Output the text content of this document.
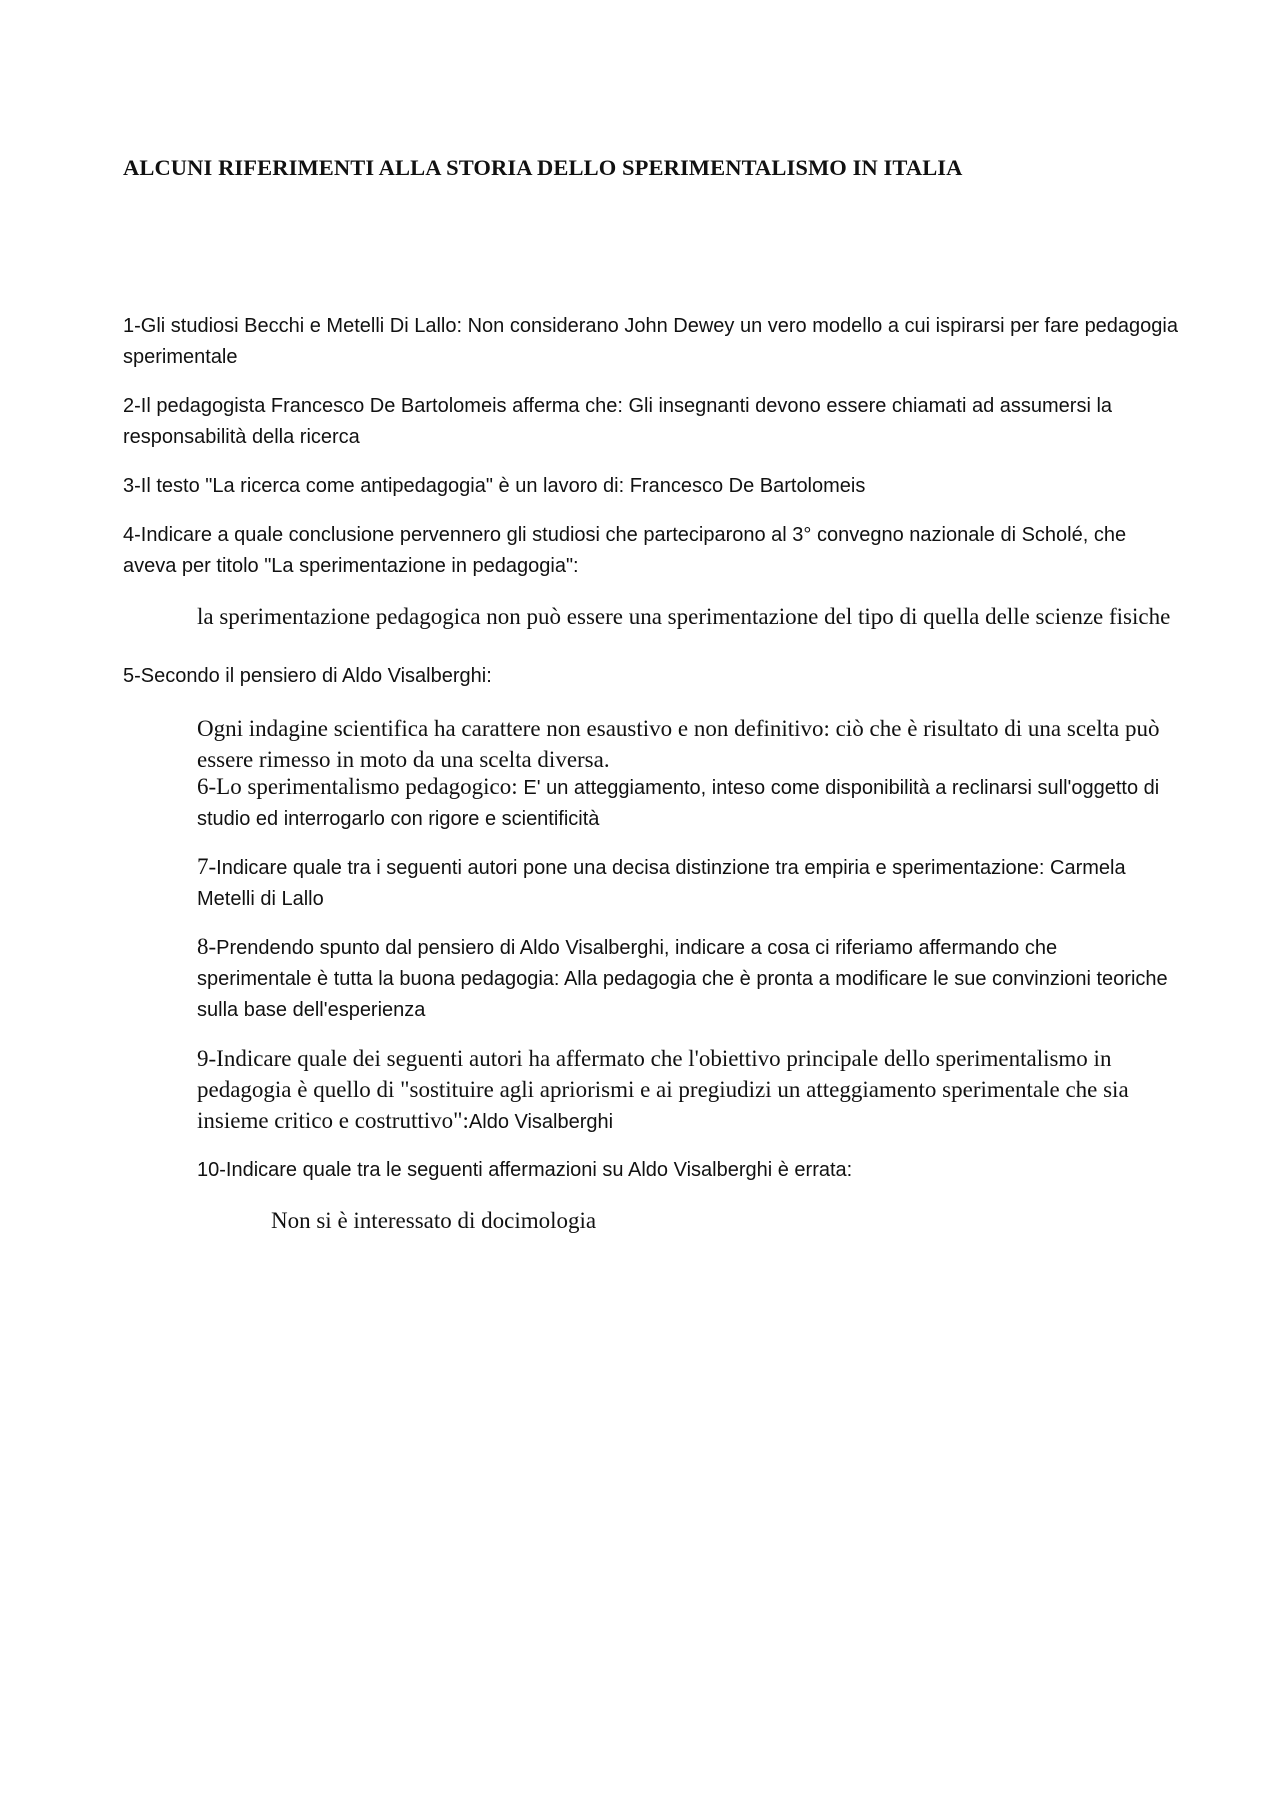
ALCUNI RIFERIMENTI ALLA STORIA DELLO SPERIMENTALISMO IN ITALIA

1-Gli studiosi Becchi e Metelli Di Lallo: Non considerano John Dewey un vero modello a cui ispirarsi per fare pedagogia sperimentale

2-Il pedagogista Francesco De Bartolomeis afferma che: Gli insegnanti devono essere chiamati ad assumersi la responsabilità della ricerca

3-Il testo "La ricerca come antipedagogia" è un lavoro di: Francesco De Bartolomeis

4-Indicare a quale conclusione pervennero gli studiosi che parteciparono al 3° convegno nazionale di Scholé, che aveva per titolo "La sperimentazione in pedagogia":

la sperimentazione pedagogica non può essere una sperimentazione del tipo di quella delle scienze fisiche

5-Secondo il pensiero di Aldo Visalberghi:

Ogni indagine scientifica ha carattere non esaustivo e non definitivo: ciò che è risultato di una scelta può essere rimesso in moto da una scelta diversa.

6-Lo sperimentalismo pedagogico: E' un atteggiamento, inteso come disponibilità a reclinarsi sull'oggetto di studio ed interrogarlo con rigore e scientificità

7-Indicare quale tra i seguenti autori pone una decisa distinzione tra empiria e sperimentazione: Carmela Metelli di Lallo

8-Prendendo spunto dal pensiero di Aldo Visalberghi, indicare a cosa ci riferiamo affermando che sperimentale è tutta la buona pedagogia: Alla pedagogia che è pronta a modificare le sue convinzioni teoriche sulla base dell'esperienza

9-Indicare quale dei seguenti autori ha affermato che l'obiettivo principale dello sperimentalismo in pedagogia è quello di "sostituire agli apriorismi e ai pregiudizi un atteggiamento sperimentale che sia insieme critico e costruttivo":Aldo Visalberghi

10-Indicare quale tra le seguenti affermazioni su Aldo Visalberghi è errata:

Non si è interessato di docimologia
